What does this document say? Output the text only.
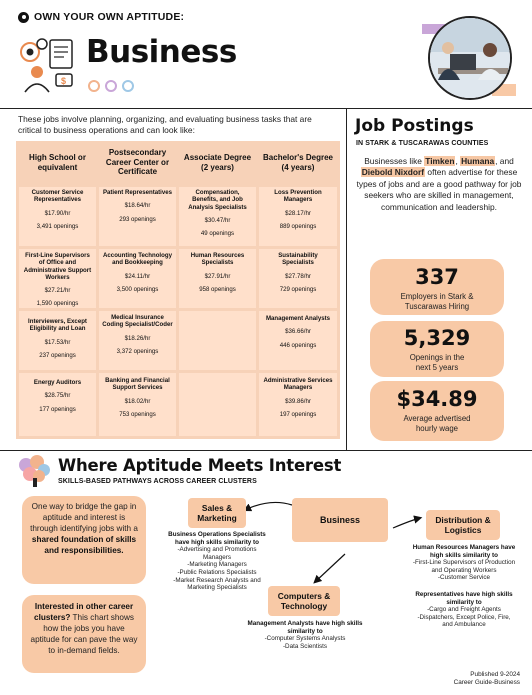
OWN YOUR OWN APTITUDE:
$
Business
These jobs involve planning, organizing, and evaluating business tasks that are critical to business operations and can look like:
High School or equivalent
Postsecondary Career Center or Certificate
Associate Degree (2 years)
Bachelor's Degree (4 years)
Customer Service Representatives
$17.90/hr
3,491 openings
First-Line Supervisors of Office and Administrative Support Workers
$27.21/hr
1,590 openings
Interviewers, Except Eligibility and Loan
$17.53/hr
237 openings
Energy Auditors
$28.75/hr
177 openings
Patient Representatives
$18.64/hr
293 openings
Accounting Technology and Bookkeeping
$24.11/hr
3,500 openings
Medical Insurance Coding Specialist/Coder
$18.26/hr
3,372 openings
Banking and Financial Support Services
$18.02/hr
753 openings
Compensation, Benefits, and Job Analysis Specialists
$30.47/hr
49 openings
Human Resources Specialists
$27.91/hr
958 openings
Loss Prevention Managers
$28.17/hr
889 openings
Sustainability Specialists
$27.78/hr
729 openings
Management Analysts
$36.66/hr
446 openings
Administrative Services Managers
$39.86/hr
197 openings
Job Postings
IN STARK & TUSCARAWAS COUNTIES
Businesses like Timken, Humana, and Diebold Nixdorf often advertise for these types of jobs and are a good pathway for job seekers who are skilled in management, communication and leadership.
337
Employers in Stark & Tuscarawas Hiring
5,329
Openings in the next 5 years
$34.89
Average advertised hourly wage
Where Aptitude Meets Interest
SKILLS-BASED PATHWAYS ACROSS CAREER CLUSTERS
One way to bridge the gap in aptitude and interest is through identifying jobs with a shared foundation of skills and responsibilities.
Interested in other career clusters? This chart shows how the jobs you have aptitude for can pave the way to in-demand fields.
Business
Sales & Marketing
Business Operations Specialists have high skills similarity to
-Advertising and Promotions Managers
-Marketing Managers
-Public Relations Specialists
-Market Research Analysts and Marketing Specialists
Distribution & Logistics
Human Resources Managers have high skills similarity to
-First-Line Supervisors of Production and Operating Workers
-Customer Service
Representatives have high skills similarity to
-Cargo and Freight Agents
-Dispatchers, Except Police, Fire, and Ambulance
Computers & Technology
Management Analysts have high skills similarity to
-Computer Systems Analysts
-Data Scientists
Published 9-2024
Career Guide-Business
